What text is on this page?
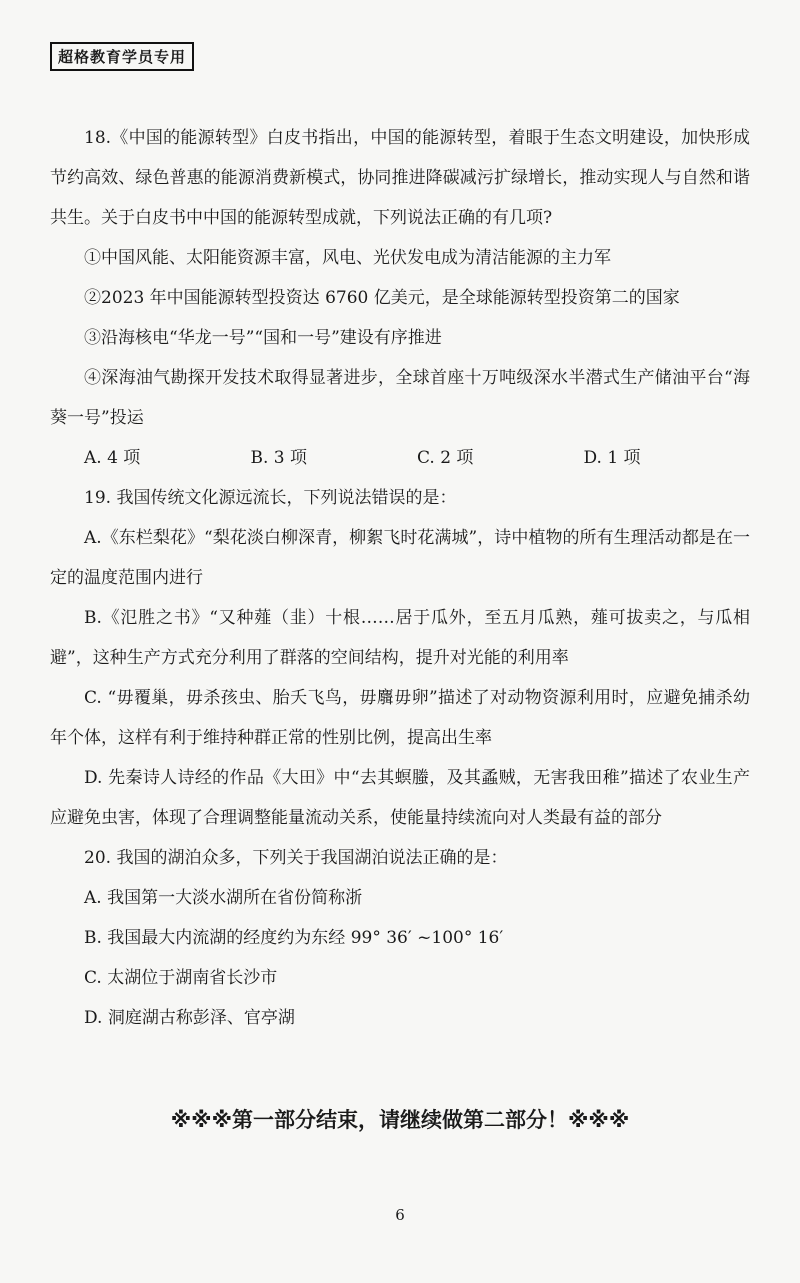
超格教育学员专用

18.《中国的能源转型》白皮书指出，中国的能源转型，着眼于生态文明建设，加快形成节约高效、绿色普惠的能源消费新模式，协同推进降碳减污扩绿增长，推动实现人与自然和谐共生。关于白皮书中中国的能源转型成就，下列说法正确的有几项?

①中国风能、太阳能资源丰富，风电、光伏发电成为清洁能源的主力军

②2023 年中国能源转型投资达 6760 亿美元，是全球能源转型投资第二的国家

③沿海核电“华龙一号”“国和一号”建设有序推进

④深海油气勘探开发技术取得显著进步，全球首座十万吨级深水半潜式生产储油平台“海葵一号”投运

A. 4 项	B. 3 项	C. 2 项	D. 1 项

19. 我国传统文化源远流长，下列说法错误的是：

A.《东栏梨花》“梨花淡白柳深青，柳絮飞时花满城”，诗中植物的所有生理活动都是在一定的温度范围内进行

B.《氾胜之书》“又种薤（韭）十根……居于瓜外，至五月瓜熟，薤可拔卖之，与瓜相避”，这种生产方式充分利用了群落的空间结构，提升对光能的利用率

C. “毋覆巢，毋杀孩虫、胎夭飞鸟，毋麛毋卵”描述了对动物资源利用时，应避免捕杀幼年个体，这样有利于维持种群正常的性别比例，提高出生率

D. 先秦诗人诗经的作品《大田》中“去其螟螣，及其蟊贼，无害我田稚”描述了农业生产应避免虫害，体现了合理调整能量流动关系，使能量持续流向对人类最有益的部分

20. 我国的湖泊众多，下列关于我国湖泊说法正确的是：

A. 我国第一大淡水湖所在省份简称浙

B. 我国最大内流湖的经度约为东经 99° 36′ ~100° 16′

C. 太湖位于湖南省长沙市

D. 洞庭湖古称彭泽、官亭湖

※※※第一部分结束，请继续做第二部分！※※※
6
